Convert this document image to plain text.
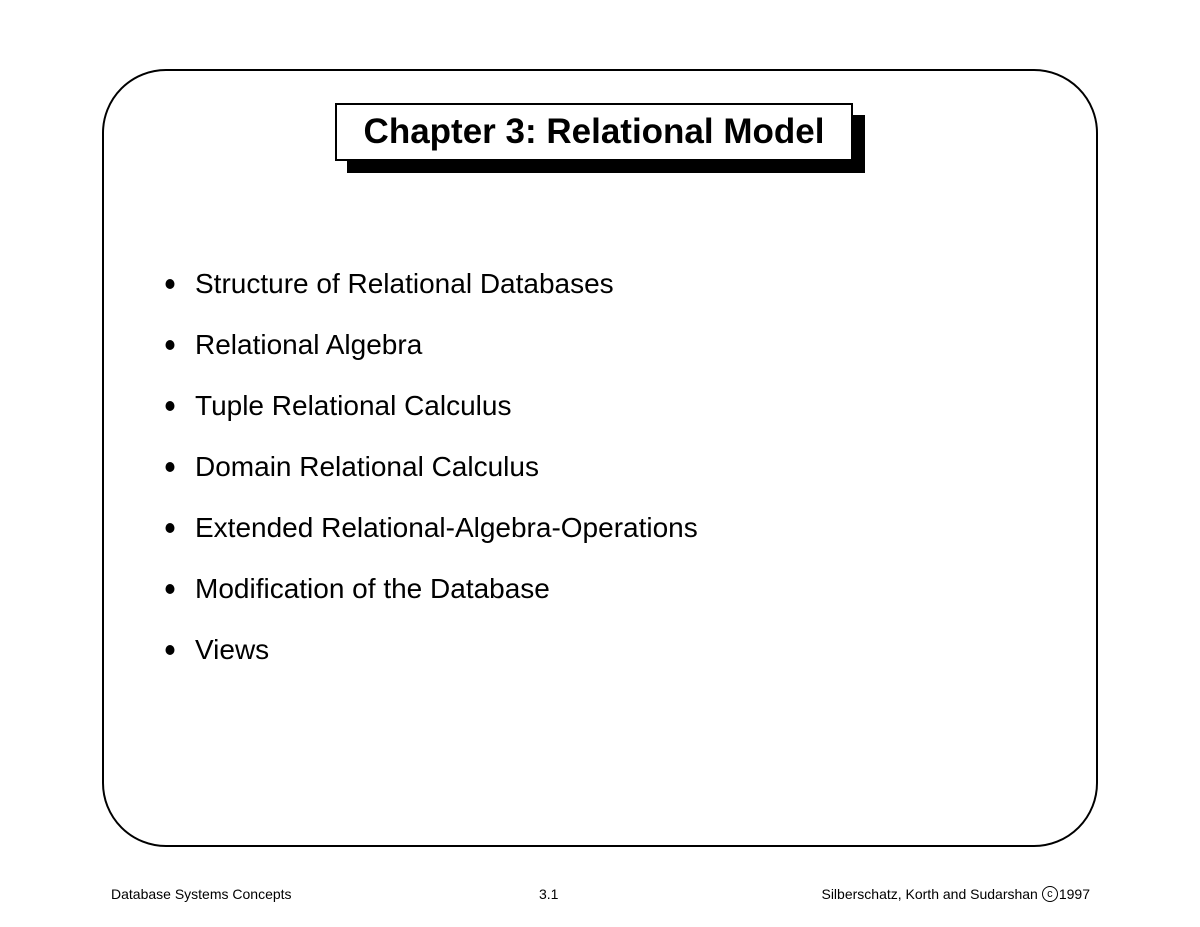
Chapter 3: Relational Model
Structure of Relational Databases
Relational Algebra
Tuple Relational Calculus
Domain Relational Calculus
Extended Relational-Algebra-Operations
Modification of the Database
Views
Database Systems Concepts	3.1	Silberschatz, Korth and Sudarshan c 1997
